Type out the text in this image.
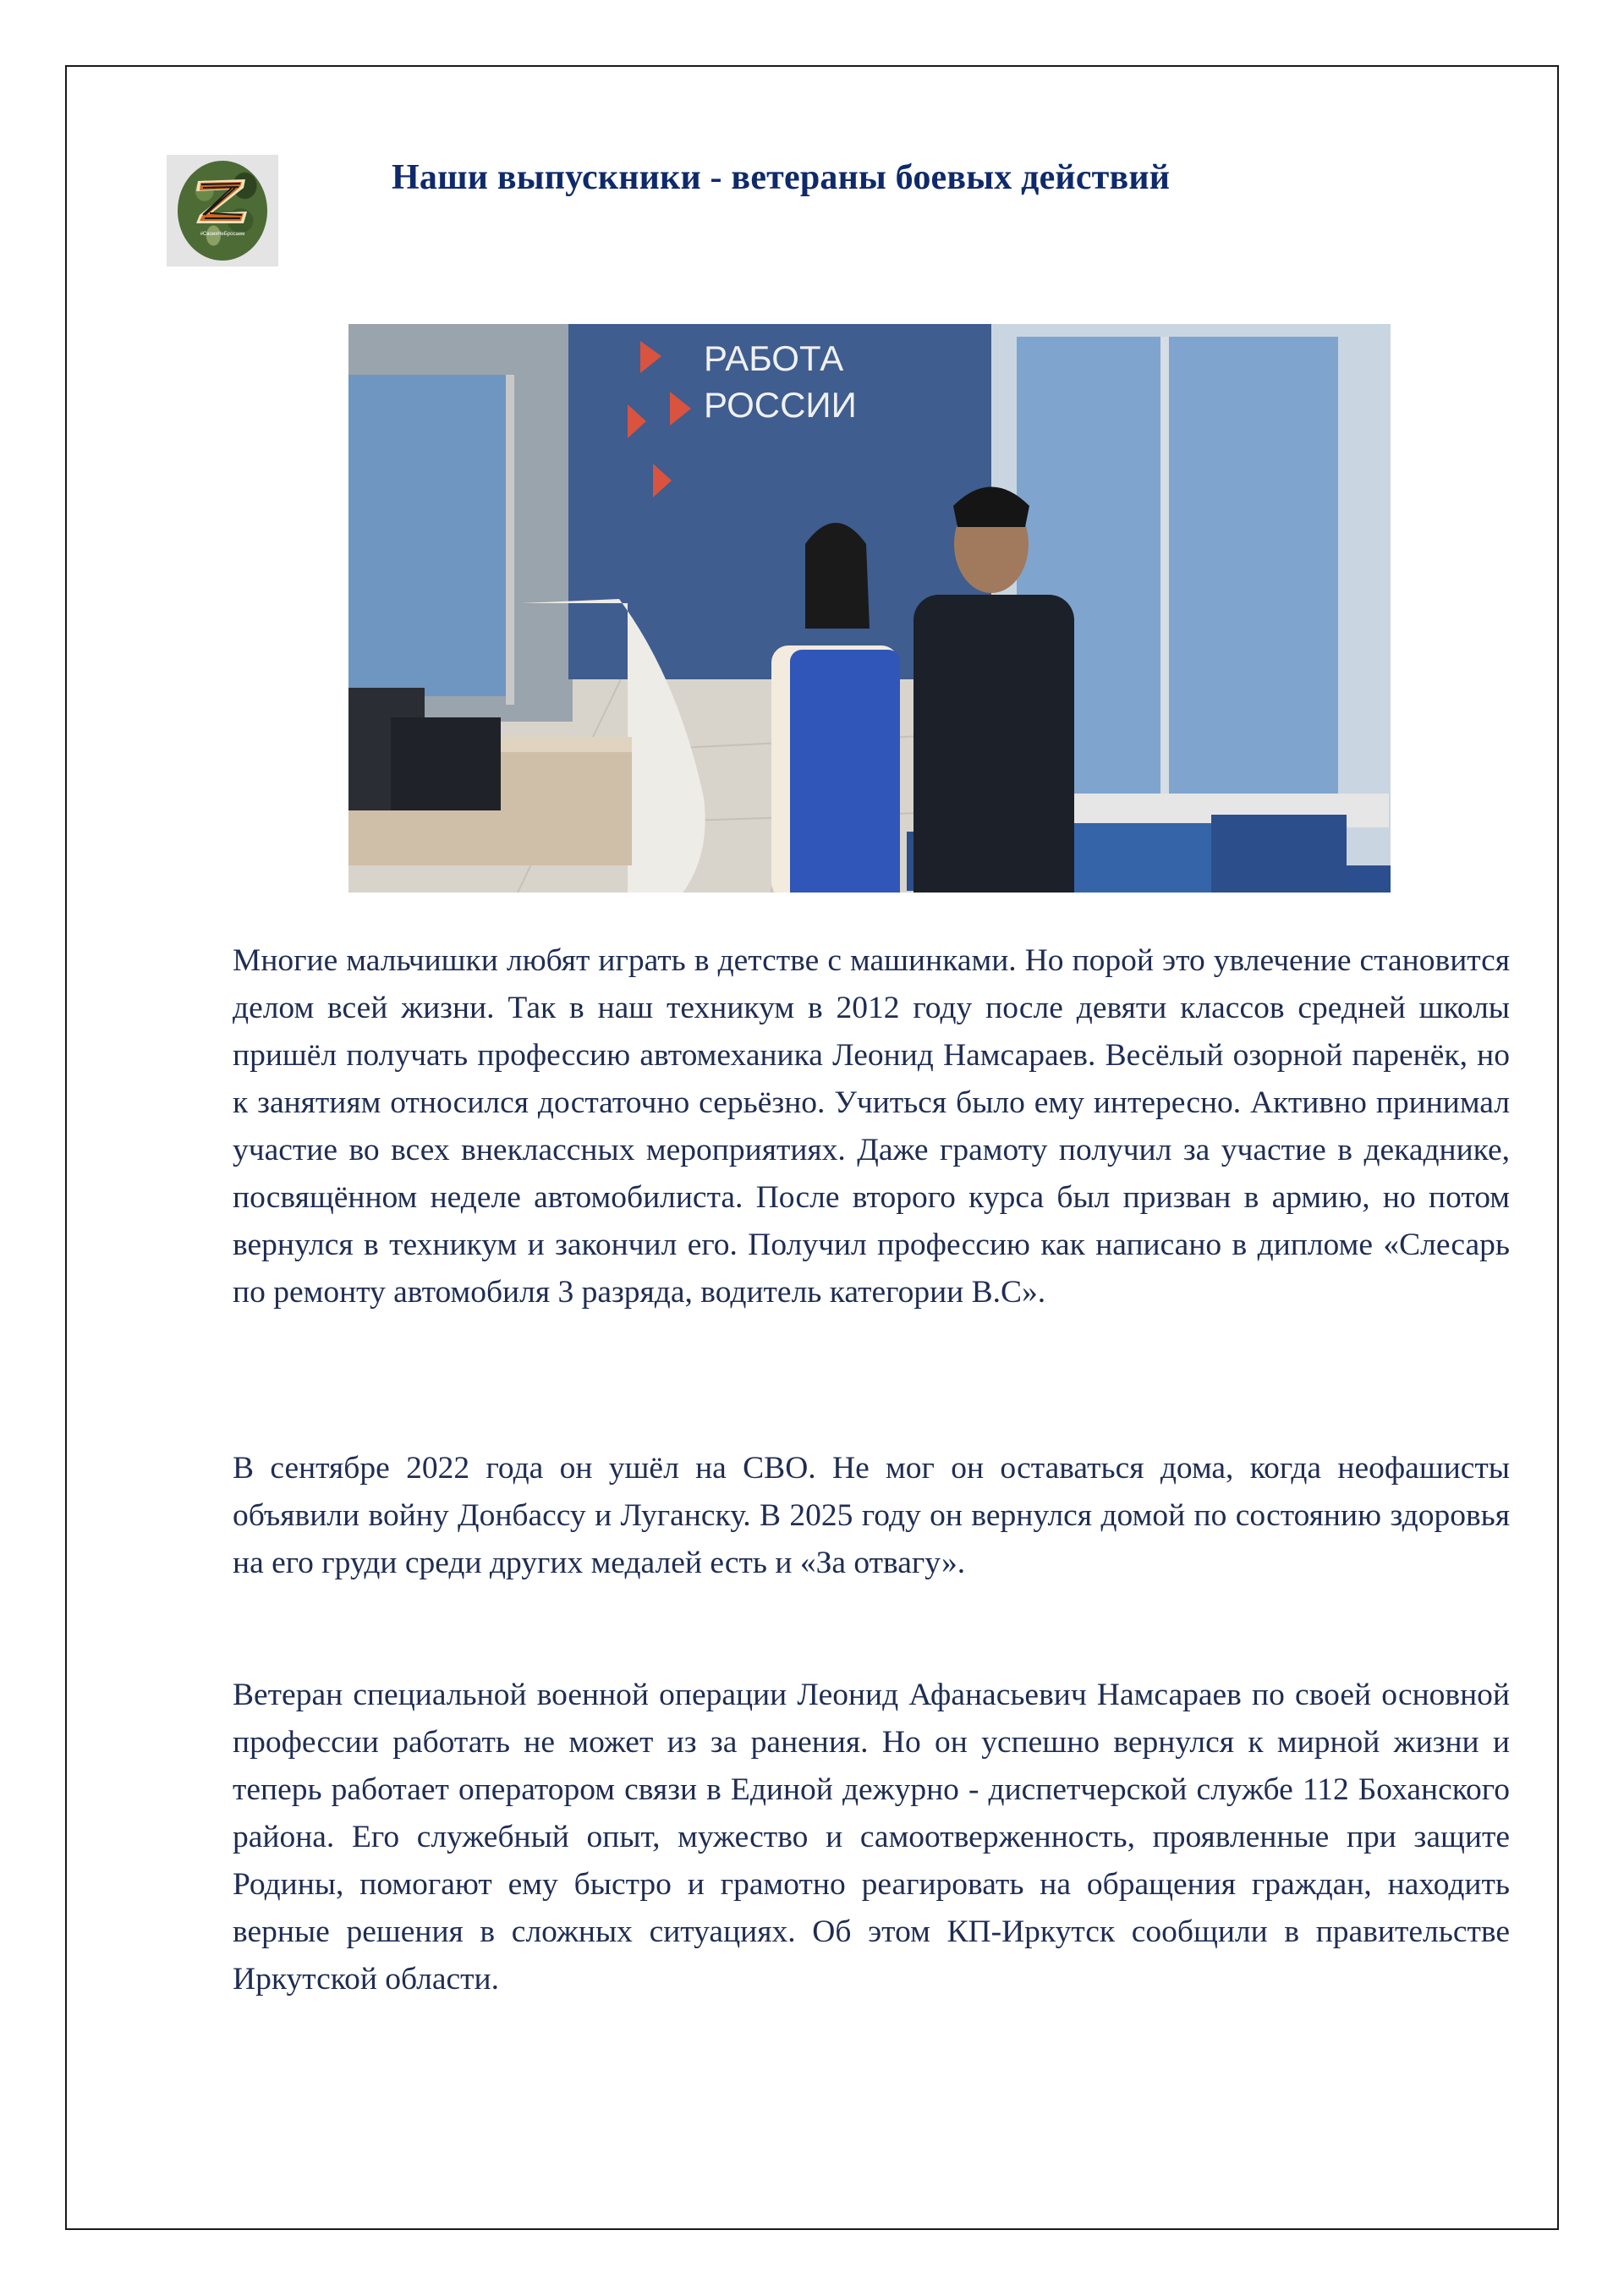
#СвоихНеБросаем
Наши выпускники - ветераны боевых действий
РАБОТА
РОССИИ

Многие мальчишки любят играть в детстве с машинками. Но порой это увлечение становится делом всей жизни. Так в наш техникум в 2012 году после девяти классов средней школы пришёл получать профессию автомеханика Леонид Намсараев. Весёлый озорной паренёк, но к занятиям относился достаточно серьёзно. Учиться было ему интересно. Активно принимал участие во всех внеклассных мероприятиях. Даже грамоту получил за участие в декаднике, посвящённом неделе автомобилиста. После второго курса был призван в армию, но потом вернулся в техникум и закончил его. Получил профессию как написано в дипломе «Слесарь по ремонту автомобиля 3 разряда, водитель категории В.С».

В сентябре 2022 года он ушёл на СВО. Не мог он оставаться дома, когда неофашисты объявили войну Донбассу и Луганску. В 2025 году он вернулся домой по состоянию здоровья на его груди среди других медалей есть и «За отвагу».

Ветеран специальной военной операции Леонид Афанасьевич Намсараев по своей основной профессии работать не может из за ранения. Но он успешно вернулся к мирной жизни и теперь работает оператором связи в Единой дежурно - диспетчерской службе 112 Боханского района. Его служебный опыт, мужество и самоотверженность, проявленные при защите Родины, помогают ему быстро и грамотно реагировать на обращения граждан, находить верные решения в сложных ситуациях. Об этом КП-Иркутск сообщили в правительстве Иркутской области.
